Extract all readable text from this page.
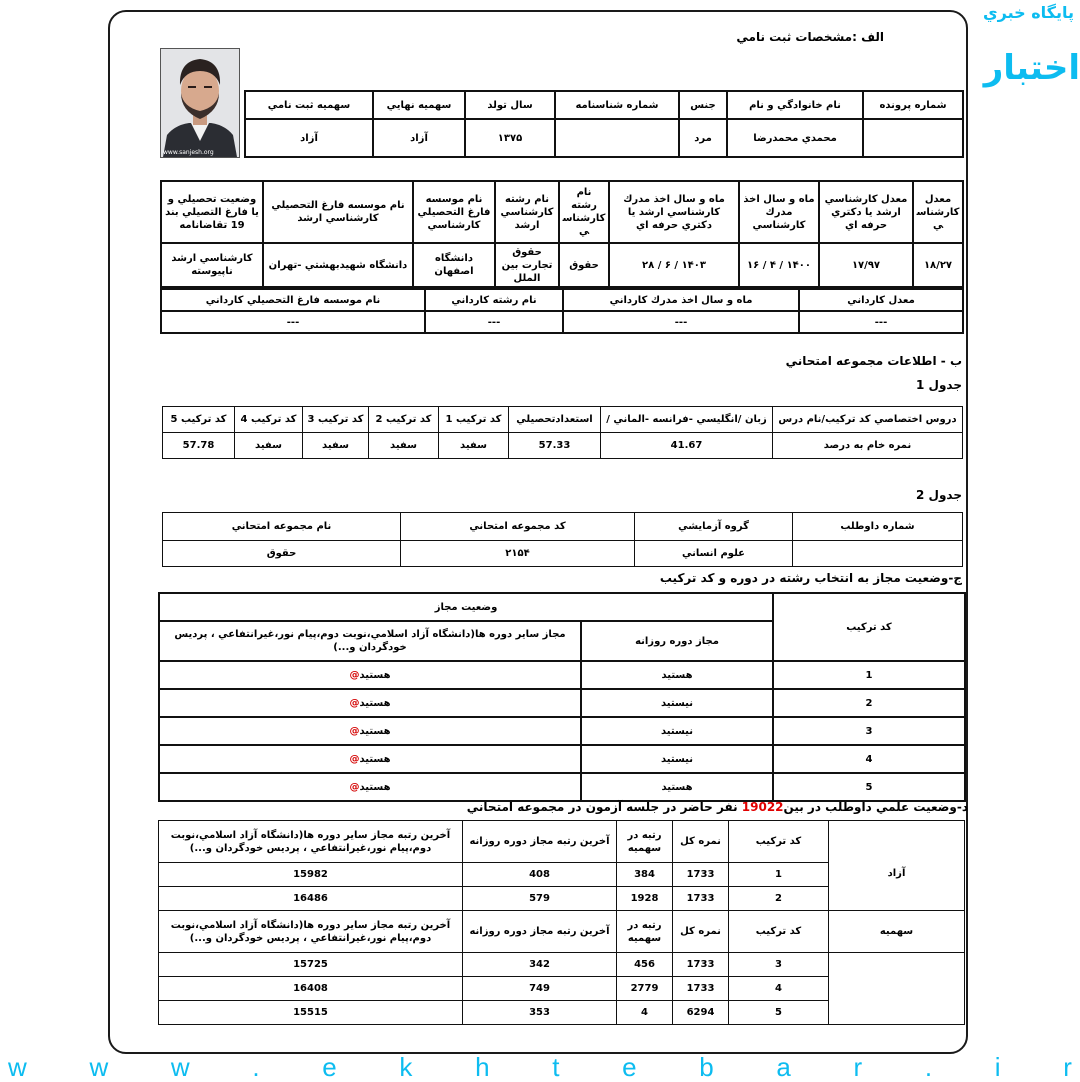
پايگاه خبري
الف :مشخصات ثبت نامي
اختبار
www.sanjesh.org
شماره پرونده	نام خانوادگي و نام	جنس	شماره شناسنامه	سال تولد	سهميه نهايي	سهميه ثبت نامي
	محمدي محمدرضا	مرد		۱۳۷۵	آزاد	آزاد
معدل كارشناسي	معدل كارشناسي ارشد يا دكتري حرفه اي	ماه و سال اخذ مدرك كارشناسي	ماه و سال اخذ مدرك كارشناسي ارشد يا دكتري حرفه اي	نام رشته كارشناسي	نام رشته كارشناسي ارشد	نام موسسه فارغ التحصيلي كارشناسي	نام موسسه فارغ التحصيلي كارشناسي ارشد	وضعيت تحصيلي و يا فارغ التصيلي بند 19 تقاضانامه
۱۸/۲۷	۱۷/۹۷	۱۴۰۰ / ۴ / ۱۶	۱۴۰۳ / ۶ / ۲۸	حقوق	حقوق تجارت بين الملل	دانشگاه اصفهان	دانشگاه شهيدبهشتي -تهران	كارشناسي ارشد ناپيوسته
معدل كارداني	ماه و سال اخذ مدرك كارداني	نام رشته كارداني	نام موسسه فارغ التحصيلي كارداني
---	---	---	---
ب - اطلاعات مجموعه امتحاني
جدول 1
دروس اختصاصي كد تركيب/نام درس	زبان /انگليسي -فرانسه -الماني /	استعدادتحصيلي	كد تركيب 1	كد تركيب 2	كد تركيب 3	كد تركيب 4	كد تركيب 5
نمره خام به درصد	41.67	57.33	سفيد	سفيد	سفيد	سفيد	57.78
جدول 2
شماره داوطلب	گروه آزمايشي	كد مجموعه امتحاني	نام مجموعه امتحاني
	علوم انساني	۲۱۵۴	حقوق
ج-وضعيت مجاز به انتخاب رشته در دوره و كد تركيب
كد تركيب	وضعيت مجاز	
	مجاز دوره روزانه	مجاز ساير دوره ها(دانشگاه آزاد اسلامي،نوبت دوم،پيام نور،غيرانتفاعي ، پرديس خودگردان و...)
1	هستيد	هستيد@
2	نيستيد	هستيد@
3	نيستيد	هستيد@
4	نيستيد	هستيد@
5	هستيد	هستيد@
د-وضعيت علمي داوطلب در بين19022 نفر حاضر در جلسه آزمون در مجموعه امتحاني
آزاد	كد تركيب	نمره كل	رتبه در سهميه	آخرين رتبه مجاز دوره روزانه	آخرين رتبه مجاز ساير دوره ها(دانشگاه آزاد اسلامي،نوبت دوم،پيام نور،غيرانتفاعي ، پرديس خودگردان و...)
	1	1733	384	408	15982
	2	1733	1928	579	16486
سهميه	كد تركيب	نمره كل	رتبه در سهميه	آخرين رتبه مجاز دوره روزانه	آخرين رتبه مجاز ساير دوره ها(دانشگاه آزاد اسلامي،نوبت دوم،پيام نور،غيرانتفاعي ، پرديس خودگردان و...)
	3	1733	456	342	15725
	4	1733	2779	749	16408
	5	6294	4	353	15515
w w w . e k h t e b a r . i r
